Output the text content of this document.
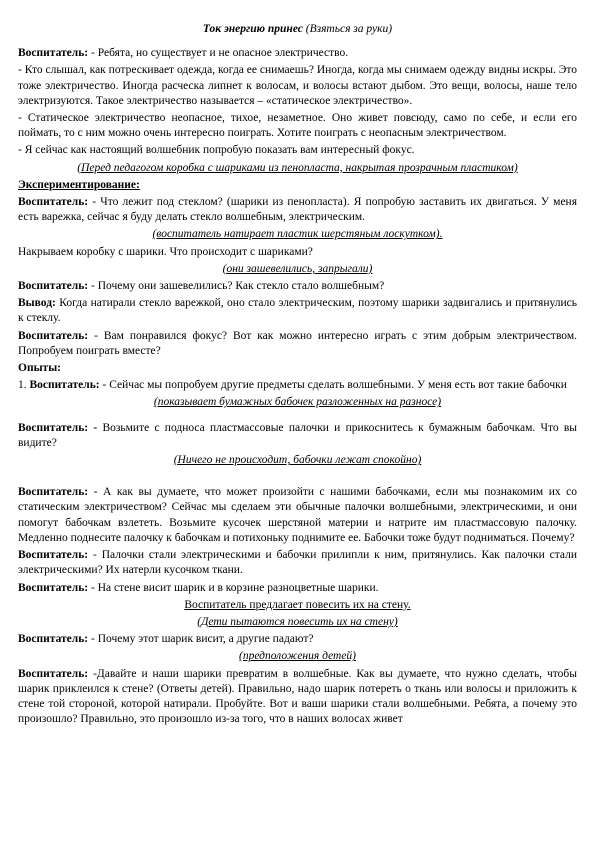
Ток энергию принес (Взяться за руки)

Воспитатель: - Ребята, но существует и не опасное электричество.

- Кто слышал, как потрескивает одежда, когда ее снимаешь? Иногда, когда мы снимаем одежду видны искры. Это тоже электричество. Иногда расческа липнет к волосам, и волосы встают дыбом. Это вещи, волосы, наше тело электризуются. Такое электричество называется – «статическое электричество».

- Статическое электричество неопасное, тихое, незаметное. Оно живет повсюду, само по себе, и если его поймать, то с ним можно очень интересно поиграть. Хотите поиграть с неопасным электричеством.

- Я сейчас как настоящий волшебник попробую показать вам интересный фокус.

(Перед педагогом коробка с шариками из пенопласта, накрытая прозрачным пластиком)

Экспериментирование:

Воспитатель: - Что лежит под стеклом? (шарики из пенопласта). Я попробую заставить их двигаться. У меня есть варежка, сейчас я буду делать стекло волшебным, электрическим.

(воспитатель натирает пластик шерстяным лоскутком).

Накрываем коробку с шарики. Что происходит с шариками?

(они зашевелились, запрыгали)

Воспитатель: - Почему они зашевелились? Как стекло стало волшебным?

Вывод: Когда натирали стекло варежкой, оно стало электрическим, поэтому шарики задвигались и притянулись к стеклу.

Воспитатель: - Вам понравился фокус? Вот как можно интересно играть с этим добрым электричеством. Попробуем поиграть вместе?

Опыты:

1. Воспитатель: - Сейчас мы попробуем другие предметы сделать волшебными. У меня есть вот такие бабочки

(показывает бумажных бабочек разложенных на разносе)

Воспитатель: - Возьмите с подноса пластмассовые палочки и прикоснитесь к бумажным бабочкам. Что вы видите?

(Ничего не происходит, бабочки лежат спокойно)

Воспитатель: - А как вы думаете, что может произойти с нашими бабочками, если мы познакомим их со статическим электричеством? Сейчас мы сделаем эти обычные палочки волшебными, электрическими, и они помогут бабочкам взлететь. Возьмите кусочек шерстяной материи и натрите им пластмассовую палочку. Медленно поднесите палочку к бабочкам и потихоньку поднимите ее. Бабочки тоже будут подниматься. Почему?

Воспитатель: - Палочки стали электрическими и бабочки прилипли к ним, притянулись. Как палочки стали электрическими? Их натерли кусочком ткани.

Воспитатель: - На стене висит шарик и в корзине разноцветные шарики.

Воспитатель предлагает повесить их на стену.
(Дети пытаются повесить их на стену)

Воспитатель: - Почему этот шарик висит, а другие падают?

(предположения детей)

Воспитатель: -Давайте и наши шарики превратим в волшебные. Как вы думаете, что нужно сделать, чтобы шарик приклеился к стене? (Ответы детей). Правильно, надо шарик потереть о ткань или волосы и приложить к стене той стороной, которой натирали. Пробуйте. Вот и ваши шарики стали волшебными. Ребята, а почему это произошло? Правильно, это произошло из-за того, что в наших волосах живет
